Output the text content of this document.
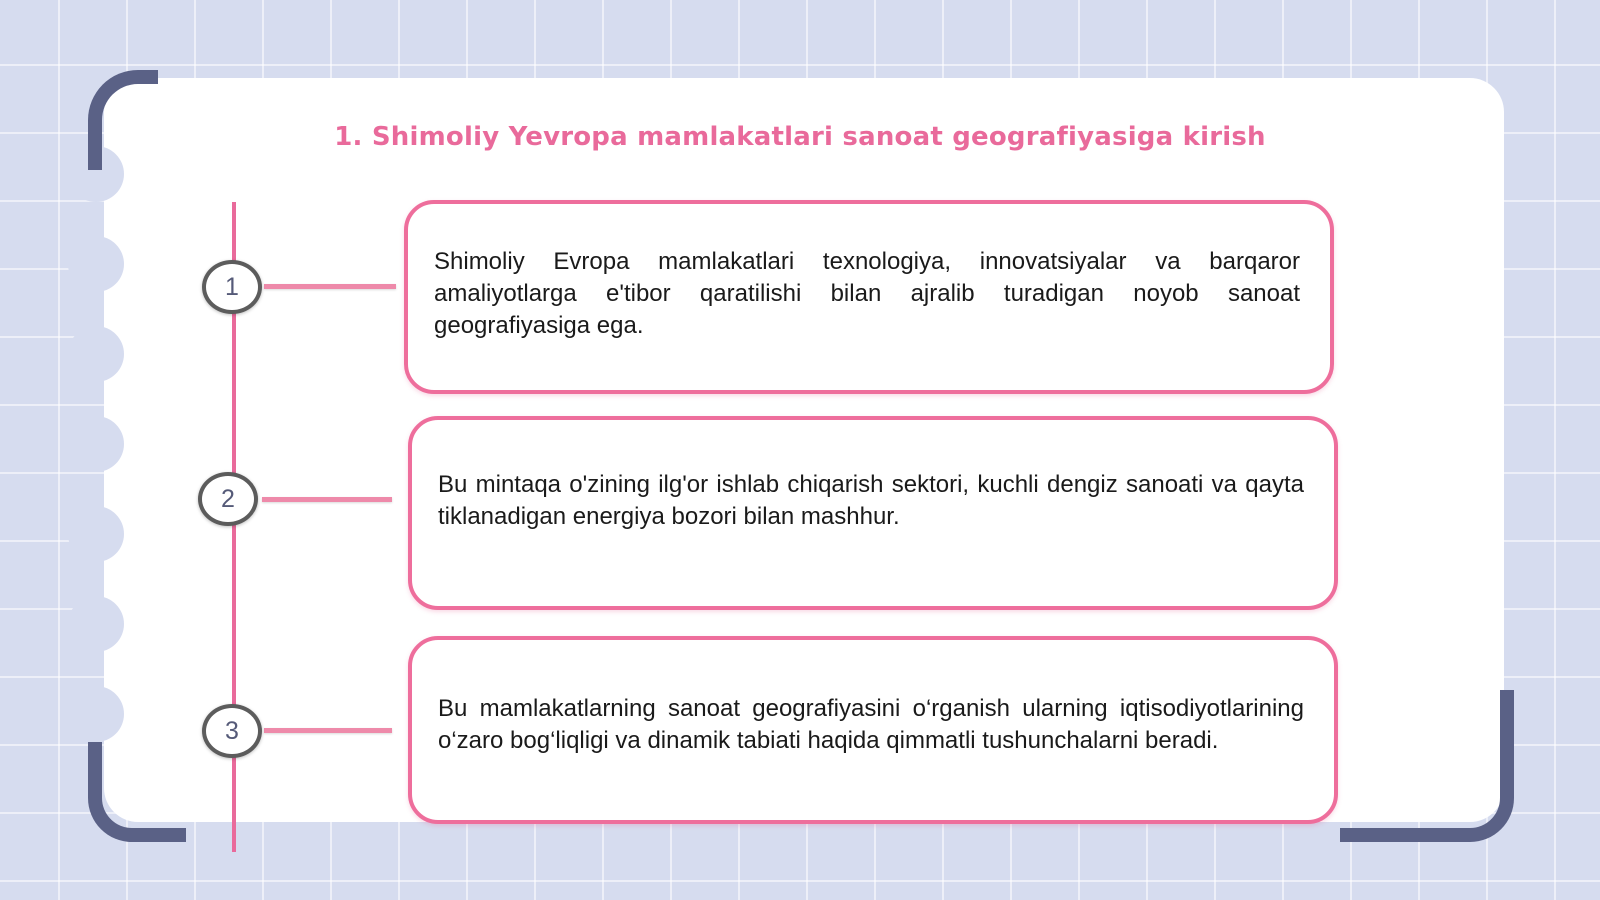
1. Shimoliy Yevropa mamlakatlari sanoat geografiyasiga kirish
1

Shimoliy Evropa mamlakatlari texnologiya, innovatsiyalar va barqaror amaliyotlarga e'tibor qaratilishi bilan ajralib turadigan noyob sanoat geografiyasiga ega.

2	Bu mintaqa o'zining ilg'or ishlab chiqarish sektori, kuchli dengiz sanoati va qayta tiklanadigan energiya bozori bilan mashhur.

3

Bu mamlakatlarning sanoat geografiyasini o‘rganish ularning iqtisodiyotlarining o‘zaro bog‘liqligi va dinamik tabiati haqida qimmatli tushunchalarni beradi.
